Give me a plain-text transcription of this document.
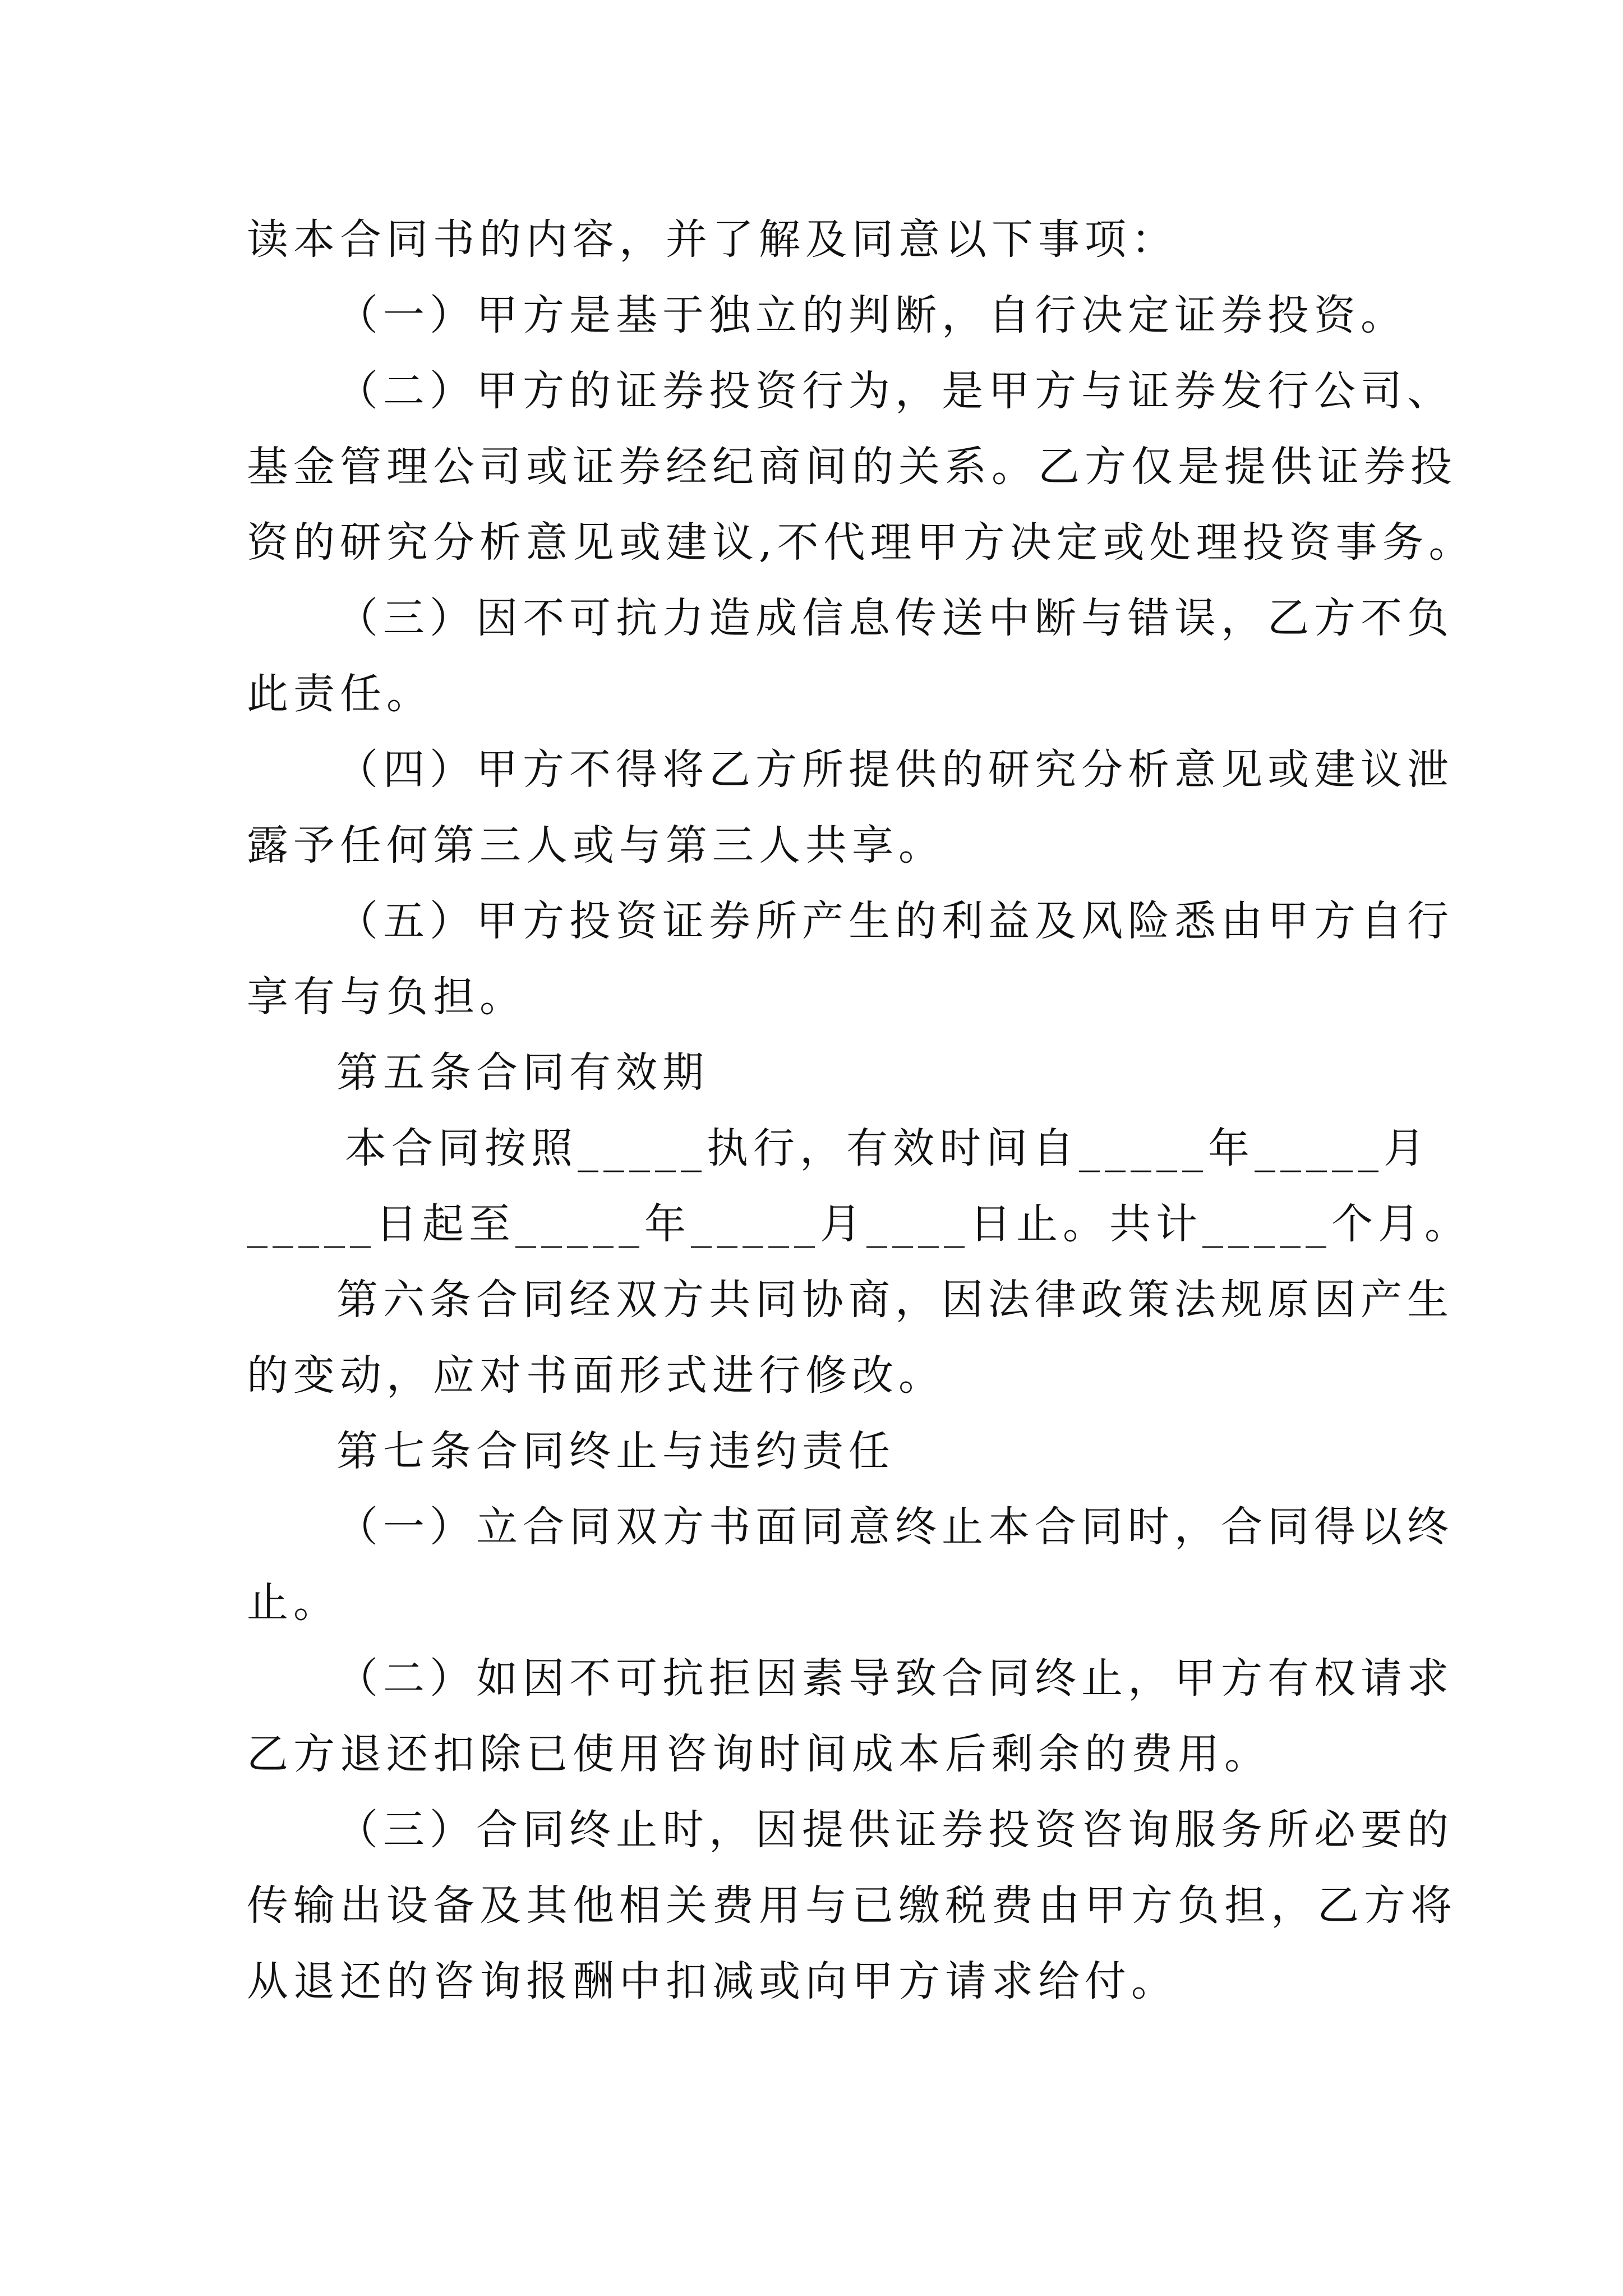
读本合同书的内容，并了解及同意以下事项：
（一）甲方是基于独立的判断，自行决定证券投资。
（二）甲方的证券投资行为，是甲方与证券发行公司、
基金管理公司或证券经纪商间的关系。乙方仅是提供证券投
资的研究分析意见或建议,不代理甲方决定或处理投资事务。
（三）因不可抗力造成信息传送中断与错误，乙方不负
此责任。
（四）甲方不得将乙方所提供的研究分析意见或建议泄
露予任何第三人或与第三人共享。
（五）甲方投资证券所产生的利益及风险悉由甲方自行
享有与负担。
第五条合同有效期
本合同按照_____执行，有效时间自_____年_____月
_____日起至_____年_____月____日止。共计_____个月。
第六条合同经双方共同协商，因法律政策法规原因产生
的变动，应对书面形式进行修改。
第七条合同终止与违约责任
（一）立合同双方书面同意终止本合同时，合同得以终
止。
（二）如因不可抗拒因素导致合同终止，甲方有权请求
乙方退还扣除已使用咨询时间成本后剩余的费用。
（三）合同终止时，因提供证券投资咨询服务所必要的
传输出设备及其他相关费用与已缴税费由甲方负担，乙方将
从退还的咨询报酬中扣减或向甲方请求给付。
